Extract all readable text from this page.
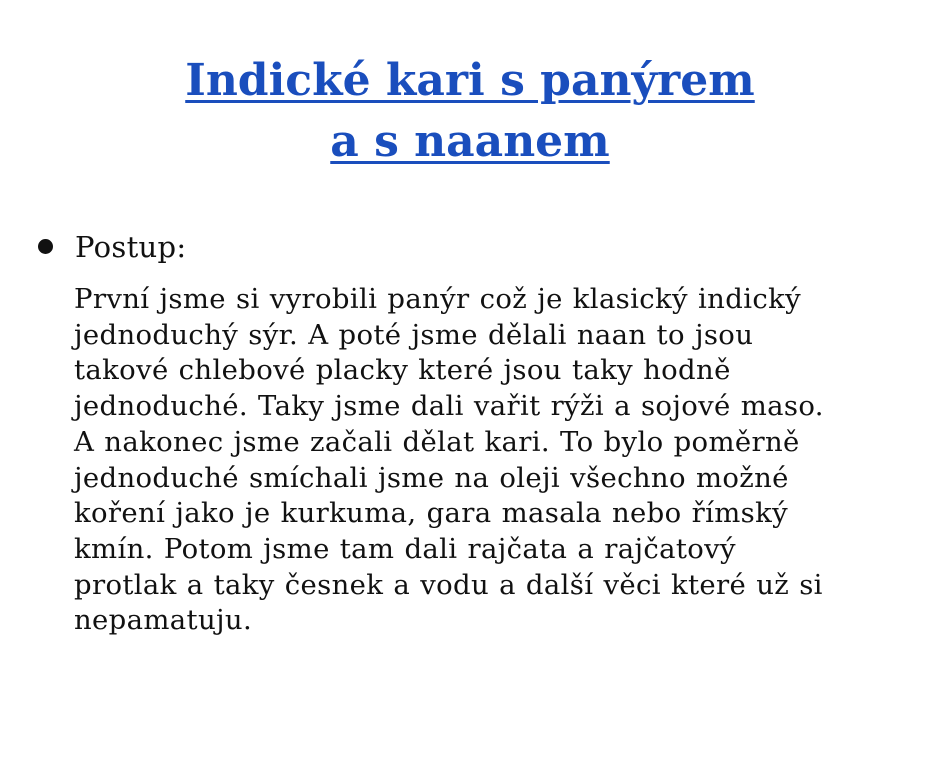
Indické kari s panýrem
a s naanem
Postup:

První jsme si vyrobili panýr což je klasický indický
jednoduchý sýr. A poté jsme dělali naan to jsou
takové chlebové placky které jsou taky hodně
jednoduché. Taky jsme dali vařit rýži a sojové maso.
A nakonec jsme začali dělat kari. To bylo poměrně
jednoduché smíchali jsme na oleji všechno možné
koření jako je kurkuma, gara masala nebo římský
kmín. Potom jsme tam dali rajčata a rajčatový
protlak a taky česnek a vodu a další věci které už si
nepamatuju.
